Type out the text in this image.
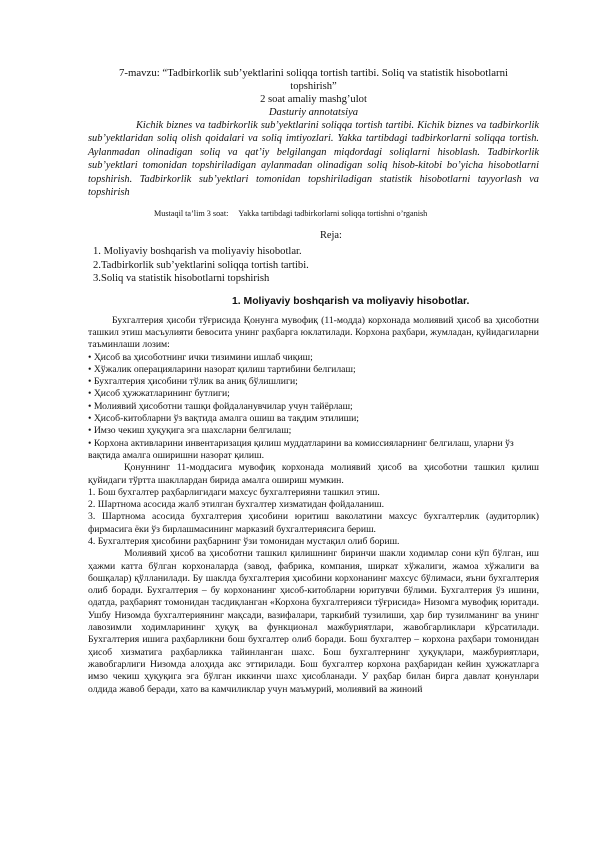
7-mavzu: “Tadbirkorlik sub’yektlarini soliqqa tortish tartibi. Soliq va statistik hisobotlarni

topshirish”

2 soat amaliy mashg’ulot

Dasturiy annotatsiya

Kichik biznes va tadbirkorlik sub’yektlarini soliqqa tortish tartibi. Kichik biznes va tadbirkorlik sub’yektlaridan soliq olish qoidalari va soliq imtiyozlari. Yakka tartibdagi tadbirkorlarni soliqqa tortish. Aylanmadan olinadigan soliq va qat’iy belgilangan miqdordagi soliqlarni hisoblash. Tadbirkorlik sub’yektlari tomonidan topshiriladigan aylanmadan olinadigan soliq hisob-kitobi bo’yicha hisobotlarni topshirish. Tadbirkorlik sub’yektlari tomonidan topshiriladigan statistik hisobotlarni tayyorlash va topshirish

Mustaqil ta’lim 3 soat: Yakka tartibdagi tadbirkorlarni soliqqa tortishni o’rganish

Reja:

1. Moliyaviy boshqarish va moliyaviy hisobotlar.
2.Tadbirkorlik sub’yektlarini soliqqa tortish tartibi.
3.Soliq va statistik hisobotlarni topshirish

1. Moliyaviy boshqarish va moliyaviy hisobotlar.

Бухгалтерия ҳисоби тўғрисида Қонунга мувофиқ (11-модда) корхонада молиявий ҳисоб ва ҳисоботни ташкил этиш масъулияти бевосита унинг раҳбарга юклатилади. Корхона раҳбари, жумладан, қуйидагиларни таъминлаши лозим:

• Ҳисоб ва ҳисоботнинг ички тизимини ишлаб чиқиш;
• Хўжалик операцияларини назорат қилиш тартибини белгилаш;
• Бухгалтерия ҳисобини тўлик ва аниқ бўлишлиги;
• Ҳисоб ҳужжатларининг бутлиги;
• Молиявий ҳисоботни ташқи фойдаланувчилар учун тайёрлаш;
• Ҳисоб-китобларни ўз вақтида амалга ошиш ва тақдим этилиши;
• Имзо чекиш ҳуқуқига эга шахсларни белгилаш;
• Корхона активларини инвентаризация қилиш муддатларини ва комиссияларнинг белгилаш, уларни ўз вақтида амалга оширишни назорат қилиш.

Қонуннинг 11-моддасига мувофиқ корхонада молиявий ҳисоб ва ҳисоботни ташкил қилиш қуйидаги тўртта шакллардан бирида амалга ошириш мумкин.

1. Бош бухгалтер раҳбарлигидаги махсус бухгалтерияни ташкил этиш.
2. Шартнома асосида жалб этилган бухгалтер хизматидан фойдаланиш.
3. Шартнома асосида бухгалтерия ҳисобини юритиш ваколатини махсус бухгалтерлик (аудиторлик) фирмасига ёки ўз бирлашмасининг марказий бухгалтериясига бериш.
4. Бухгалтерия ҳисобини раҳбарнинг ўзи томонидан мустақил олиб бориш.

Молиявий ҳисоб ва ҳисоботни ташкил қилишнинг биринчи шакли ходимлар сони кўп бўлган, иш ҳажми катта бўлган корхоналарда (завод, фабрика, компания, ширкат хўжалиги, жамоа хўжалиги ва бошқалар) қўлланилади. Бу шаклда бухгалтерия ҳисобини корхонанинг махсус бўлимаси, яъни бухгалтерия олиб боради. Бухгалтерия – бу корхонанинг ҳисоб-китобларни юритувчи бўлими. Бухгалтерия ўз ишини, одатда, раҳбарият томонидан тасдиқланган «Корхона бухгалтерияси тўғрисида» Низомга мувофиқ юритади. Ушбу Низомда бухгалтериянинг мақсади, вазифалари, таркибий тузилиши, ҳар бир тузилманинг ва унинг лавозимли ходимларининг ҳуқуқ ва функционал мажбуриятлари, жавобгарликлари кўрсатилади. Бухгалтерия ишига раҳбарликни бош бухгалтер олиб боради. Бош бухгалтер – корхона раҳбари томонидан ҳисоб хизматига раҳбарликка тайинланган шахс. Бош бухгалтернинг ҳуқуқлари, мажбуриятлари, жавобгарлиги Низомда алоҳида акс эттирилади. Бош бухгалтер корхона раҳбаридан кейин ҳужжатларга имзо чекиш ҳуқуқига эга бўлган иккинчи шахс ҳисобланади. У раҳбар билан бирга давлат қонунлари олдида жавоб беради, хато ва камчиликлар учун маъмурий, молиявий ва жиноий
